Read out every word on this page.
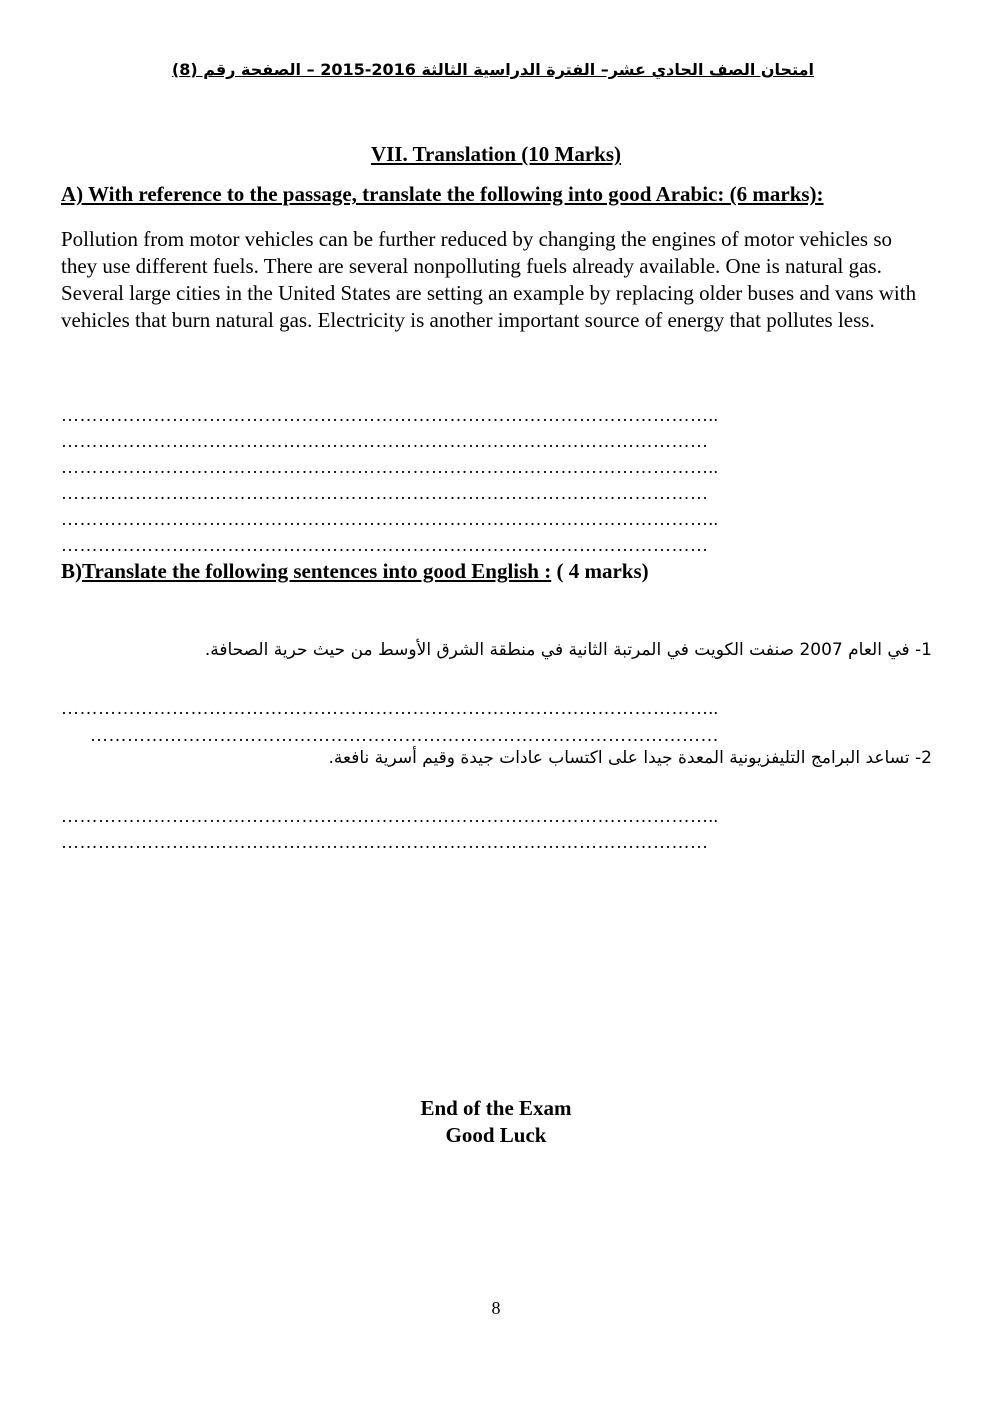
امتحان الصف الحادي عشر– الفترة الدراسية الثالثة 2016-2015 – الصفحة رقم (8)
VII. Translation (10 Marks)
A) With reference to the passage, translate the following into good Arabic: (6 marks):
Pollution from motor vehicles can be further reduced by changing the engines of motor vehicles so they use different fuels. There are several nonpolluting fuels already available. One is natural gas. Several large cities in the United States are setting an example by replacing older buses and vans with vehicles that burn natural gas. Electricity is another important source of energy that pollutes less.
……………………………………………………………………………………………..
……………………………………………………………………………………………
……………………………………………………………………………………………..
……………………………………………………………………………………………
……………………………………………………………………………………………..
……………………………………………………………………………………………
B)Translate the following sentences into good English : ( 4 marks)
1- في العام 2007 صنفت الكويت في المرتبة الثانية في منطقة الشرق الأوسط من حيث حرية الصحافة.
……………………………………………………………………………………………..
…………………………………………………………………………………………
2- تساعد البرامج التليفزيونية المعدة جيدا على اكتساب عادات جيدة وقيم أسرية نافعة.
……………………………………………………………………………………………..
……………………………………………………………………………………………
End of the Exam
Good Luck
8
